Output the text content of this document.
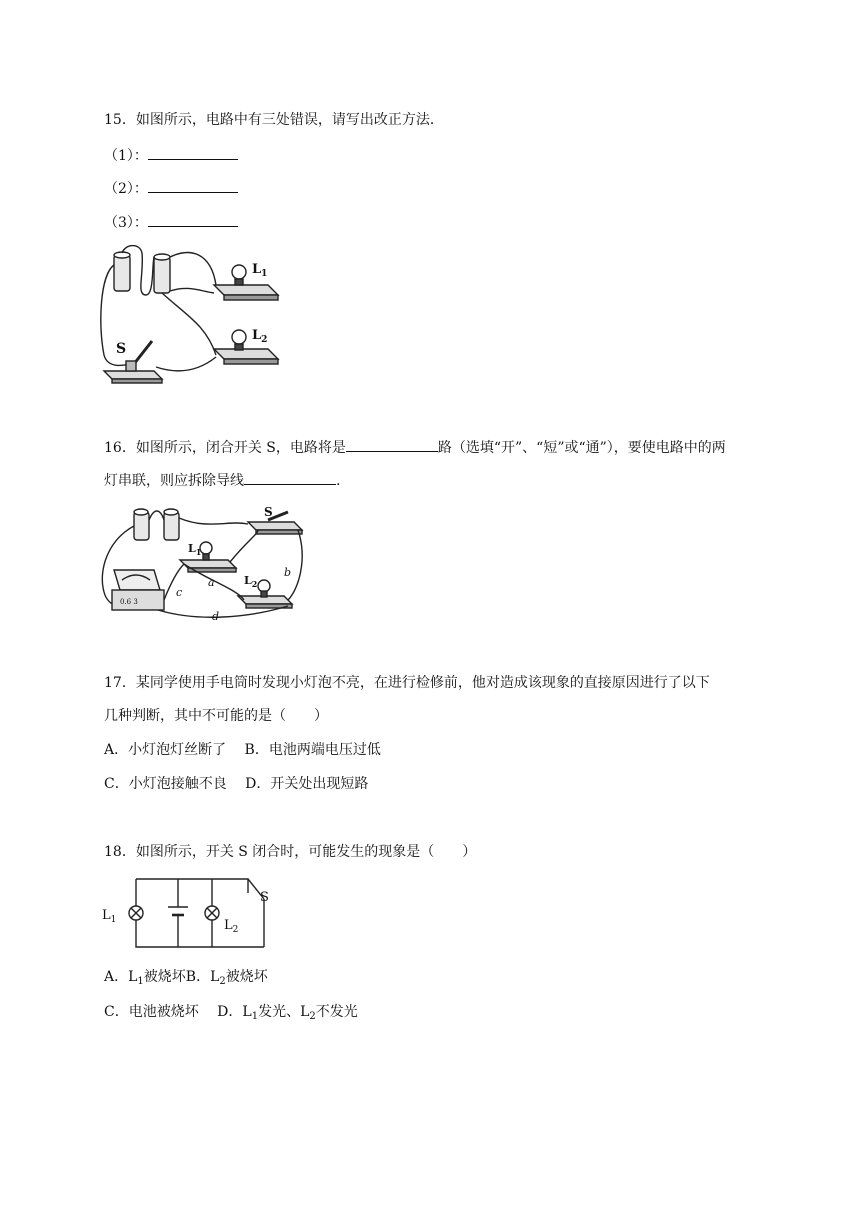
15．如图所示，电路中有三处错误，请写出改正方法．
（1）：
（2）：
（3）：
$L_1$
$L_2$
S
16．如图所示，闭合开关 S，电路将是	路（选填“开”、“短”或“通”），要使电路中的两
灯串联，则应拆除导线	.
$L_1$
$L_2$
S
a
b
c
d
0.6 3
17．某同学使用手电筒时发现小灯泡不亮，在进行检修前，他对造成该现象的直接原因进行了以下
几种判断，其中不可能的是（　　）
A．小灯泡灯丝断了　 B．电池两端电压过低
C．小灯泡接触不良　 D．开关处出现短路
18．如图所示，开关 S 闭合时，可能发生的现象是（　　）
$L_1$	$L_2$
S
A．$L_1$被烧坏B．$L_2$被烧坏
C．电池被烧坏　 D．$L_1$发光、$L_2$不发光
